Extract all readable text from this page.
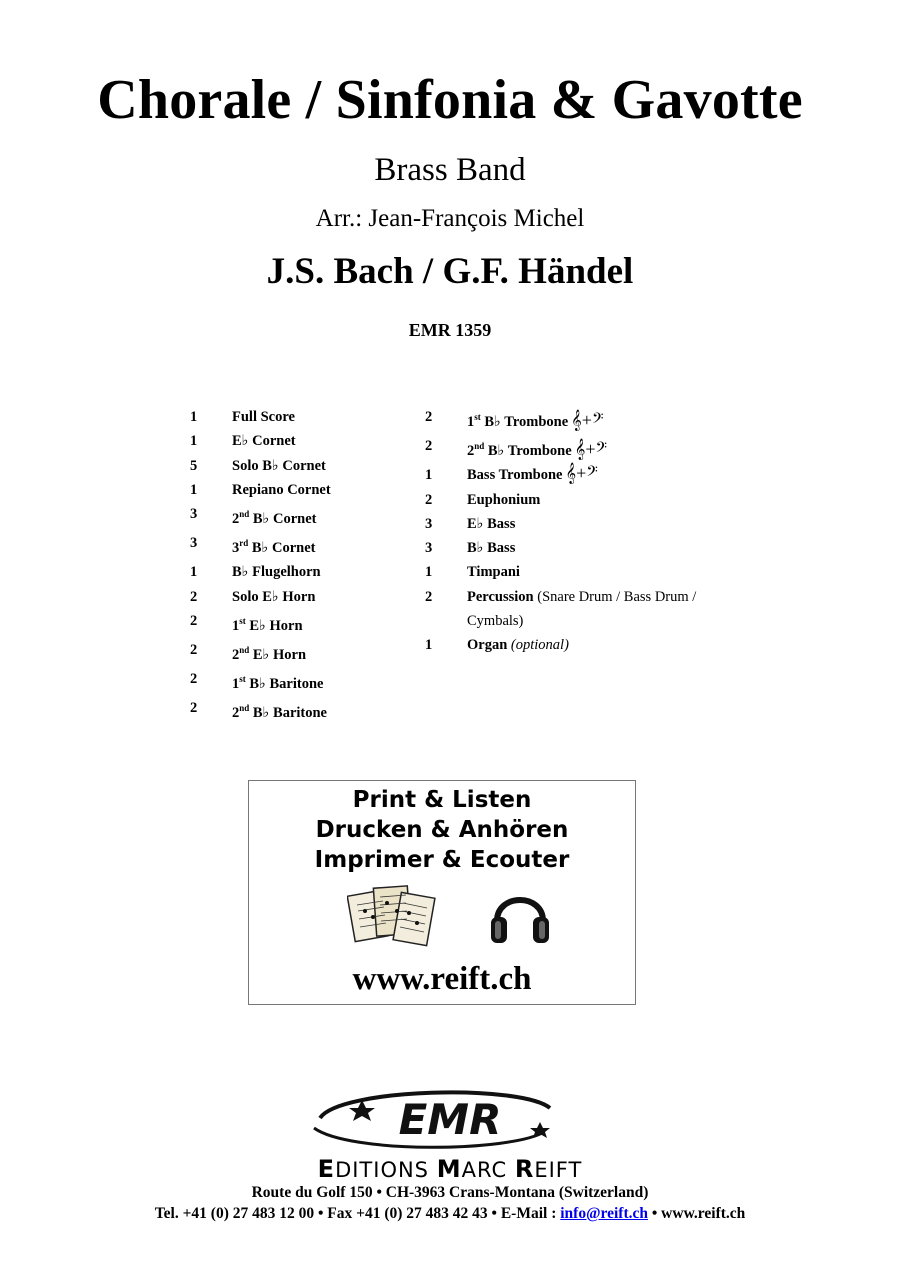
Chorale / Sinfonia & Gavotte
Brass Band
Arr.: Jean-François Michel
J.S. Bach / G.F. Händel
EMR 1359
1	Full Score
1	E♭ Cornet
5	Solo B♭ Cornet
1	Repiano Cornet
3	2nd B♭ Cornet
3	3rd B♭ Cornet
1	B♭ Flugelhorn
2	Solo E♭ Horn
2	1st E♭ Horn
2	2nd E♭ Horn
2	1st B♭ Baritone
2	2nd B♭ Baritone
2	1st B♭ Trombone 𝄞+𝄢
2	2nd B♭ Trombone 𝄞+𝄢
1	Bass Trombone 𝄞+𝄢
2	Euphonium
3	E♭ Bass
3	B♭ Bass
1	Timpani
2	Percussion (Snare Drum / Bass Drum / Cymbals)
1	Organ (optional)
Print & Listen
Drucken & Anhören
Imprimer & Ecouter
www.reift.ch
EMR
EDITIONS MARC REIFT
Route du Golf 150 • CH-3963 Crans-Montana (Switzerland)
Tel. +41 (0) 27 483 12 00 • Fax +41 (0) 27 483 42 43 • E-Mail : info@reift.ch • www.reift.ch
